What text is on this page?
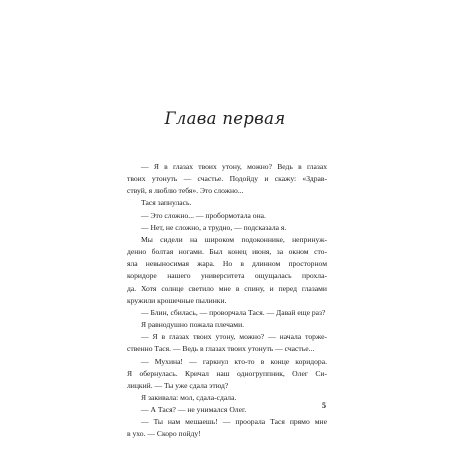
Глава первая
— Я в глазах твоих утону, можно? Ведь в глазах
твоих утонуть — счастье. Подойду и скажу: «Здрав-
ствуй, я люблю тебя». Это сложно...
Тася запнулась.
— Это сложно... — пробормотала она.
— Нет, не сложно, а трудно, — подсказала я.
Мы сидели на широком подоконнике, непринуж-
денно болтая ногами. Был конец июня, за окном сто-
яла невыносимая жара. Но в длинном просторном
коридоре нашего университета ощущалась прохла-
да. Хотя солнце светило мне в спину, и перед глазами
кружили крошечные пылинки.
— Блин, сбилась, — проворчала Тася. — Давай еще раз?
Я равнодушно пожала плечами.
— Я в глазах твоих утону, можно? — начала торже-
ственно Тася. — Ведь в глазах твоих утонуть — счастье...
— Мухина! — гаркнул кто-то в конце коридора.
Я обернулась. Кричал наш одногруппник, Олег Си-
лицкий. — Ты уже сдала этюд?
Я закивала: мол, сдала-сдала.
— А Тася? — не унимался Олег.
— Ты нам мешаешь! — проорала Тася прямо мне
в ухо. — Скоро пойду!
5
